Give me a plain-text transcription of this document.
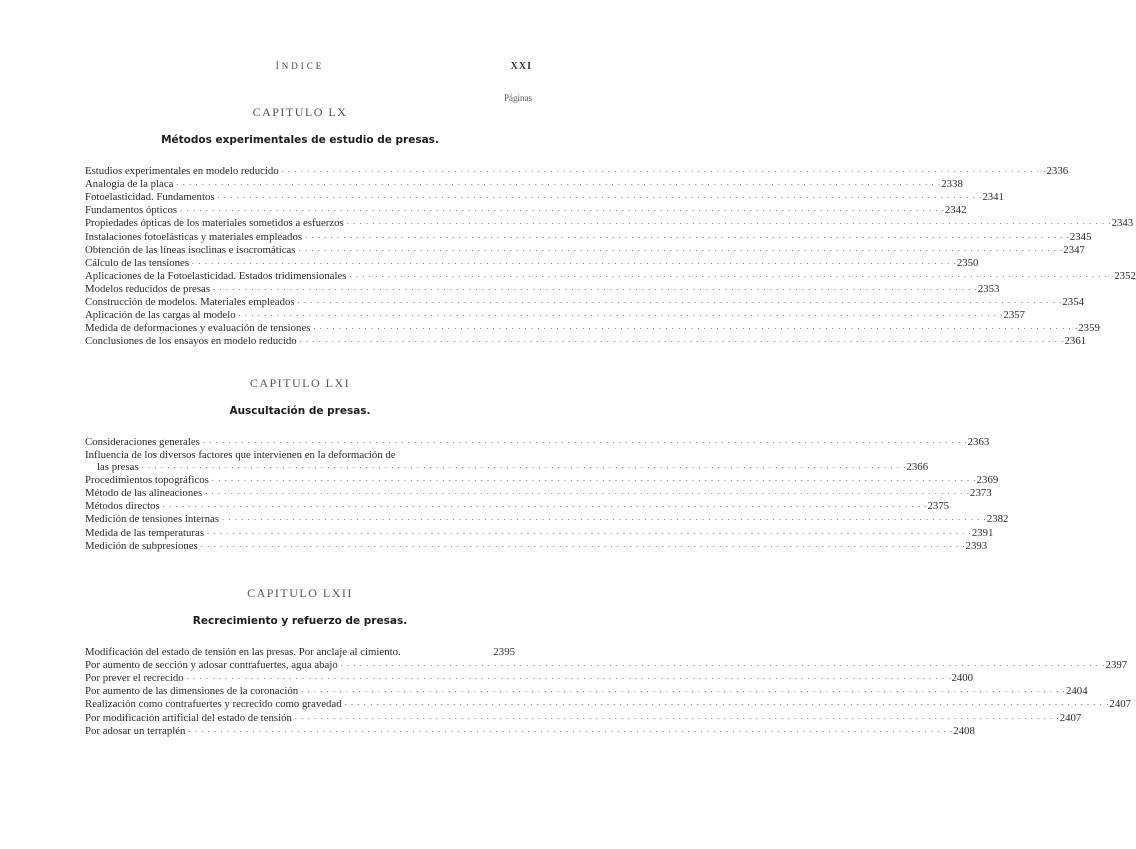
ÍNDICE	XXI
Páginas
CAPITULO LX
Métodos experimentales de estudio de presas.
Estudios experimentales en modelo reducido . . . . . . . . . . . . . . . . . . . . . . . . . . . . . . . . . . . . . . . . . . . . . . . . . . . . . . . . . . . . . . . . . . . . . . . . . . . . . . . . . . . . . . . . . . . . . . . . . . . . . . . . . . . . . . . . . . . . . . . . 2336
Analogía de la placa . . . . . . . . . . . . . . . . . . . . . . . . . . . . . . . . . . . . . . . . . . . . . . . . . . . . . . . . . . . . . . . . . . . . . . . . . . . . . . . . . . . . . . . . . . . . . . . . . . . . . . . . . . . . . . . . . . . . . . . . 2338
Fotoelasticidad. Fundamentos . . . . . . . . . . . . . . . . . . . . . . . . . . . . . . . . . . . . . . . . . . . . . . . . . . . . . . . . . . . . . . . . . . . . . . . . . . . . . . . . . . . . . . . . . . . . . . . . . . . . . . . . . . . . . . . . . . . . . . . . 2341
Fundamentos ópticos . . . . . . . . . . . . . . . . . . . . . . . . . . . . . . . . . . . . . . . . . . . . . . . . . . . . . . . . . . . . . . . . . . . . . . . . . . . . . . . . . . . . . . . . . . . . . . . . . . . . . . . . . . . . . . . . . . . . . . . . 2342
Propiedades ópticas de los materiales sometidos a esfuerzos . . . . . . . . . . . . . . . . . . . . . . . . . . . . . . . . . . . . . . . . . . . . . . . . . . . . . . . . . . . . . . . . . . . . . . . . . . . . . . . . . . . . . . . . . . . . . . . . . . . . . . . . . . . . . . . . . . . . . . . . 2343
Instalaciones fotoelásticas y materiales empleados . . . . . . . . . . . . . . . . . . . . . . . . . . . . . . . . . . . . . . . . . . . . . . . . . . . . . . . . . . . . . . . . . . . . . . . . . . . . . . . . . . . . . . . . . . . . . . . . . . . . . . . . . . . . . . . . . . . . . . . . 2345
Obtención de las líneas isoclinas e isocromáticas . . . . . . . . . . . . . . . . . . . . . . . . . . . . . . . . . . . . . . . . . . . . . . . . . . . . . . . . . . . . . . . . . . . . . . . . . . . . . . . . . . . . . . . . . . . . . . . . . . . . . . . . . . . . . . . . . . . . . . . . 2347
Cálculo de las tensiones . . . . . . . . . . . . . . . . . . . . . . . . . . . . . . . . . . . . . . . . . . . . . . . . . . . . . . . . . . . . . . . . . . . . . . . . . . . . . . . . . . . . . . . . . . . . . . . . . . . . . . . . . . . . . . . . . . . . . . . . 2350
Aplicaciones de la Fotoelasticidad. Estados tridimensionales . . . . . . . . . . . . . . . . . . . . . . . . . . . . . . . . . . . . . . . . . . . . . . . . . . . . . . . . . . . . . . . . . . . . . . . . . . . . . . . . . . . . . . . . . . . . . . . . . . . . . . . . . . . . . . . . . . . . . . . . 2352
Modelos reducidos de presas . . . . . . . . . . . . . . . . . . . . . . . . . . . . . . . . . . . . . . . . . . . . . . . . . . . . . . . . . . . . . . . . . . . . . . . . . . . . . . . . . . . . . . . . . . . . . . . . . . . . . . . . . . . . . . . . . . . . . . . . 2353
Construcción de modelos. Materiales empleados . . . . . . . . . . . . . . . . . . . . . . . . . . . . . . . . . . . . . . . . . . . . . . . . . . . . . . . . . . . . . . . . . . . . . . . . . . . . . . . . . . . . . . . . . . . . . . . . . . . . . . . . . . . . . . . . . . . . . . . . 2354
Aplicación de las cargas al modelo . . . . . . . . . . . . . . . . . . . . . . . . . . . . . . . . . . . . . . . . . . . . . . . . . . . . . . . . . . . . . . . . . . . . . . . . . . . . . . . . . . . . . . . . . . . . . . . . . . . . . . . . . . . . . . . . . . . . . . . . 2357
Medida de deformaciones y evaluación de tensiones . . . . . . . . . . . . . . . . . . . . . . . . . . . . . . . . . . . . . . . . . . . . . . . . . . . . . . . . . . . . . . . . . . . . . . . . . . . . . . . . . . . . . . . . . . . . . . . . . . . . . . . . . . . . . . . . . . . . . . . . 2359
Conclusiones de los ensayos en modelo reducido . . . . . . . . . . . . . . . . . . . . . . . . . . . . . . . . . . . . . . . . . . . . . . . . . . . . . . . . . . . . . . . . . . . . . . . . . . . . . . . . . . . . . . . . . . . . . . . . . . . . . . . . . . . . . . . . . . . . . . . . 2361
CAPITULO LXI
Auscultación de presas.
Consideraciones generales . . . . . . . . . . . . . . . . . . . . . . . . . . . . . . . . . . . . . . . . . . . . . . . . . . . . . . . . . . . . . . . . . . . . . . . . . . . . . . . . . . . . . . . . . . . . . . . . . . . . . . . . . . . . . . . . . . . . . . . . 2363
Influencia de los diversos factores que intervienen en la deformación de
las presas . . . . . . . . . . . . . . . . . . . . . . . . . . . . . . . . . . . . . . . . . . . . . . . . . . . . . . . . . . . . . . . . . . . . . . . . . . . . . . . . . . . . . . . . . . . . . . . . . . . . . . . . . . . . . . . . . . . . . . . . 2366
Procedimientos topográficos . . . . . . . . . . . . . . . . . . . . . . . . . . . . . . . . . . . . . . . . . . . . . . . . . . . . . . . . . . . . . . . . . . . . . . . . . . . . . . . . . . . . . . . . . . . . . . . . . . . . . . . . . . . . . . . . . . . . . . . . 2369
Método de las alineaciones . . . . . . . . . . . . . . . . . . . . . . . . . . . . . . . . . . . . . . . . . . . . . . . . . . . . . . . . . . . . . . . . . . . . . . . . . . . . . . . . . . . . . . . . . . . . . . . . . . . . . . . . . . . . . . . . . . . . . . . . 2373
Métodos directos . . . . . . . . . . . . . . . . . . . . . . . . . . . . . . . . . . . . . . . . . . . . . . . . . . . . . . . . . . . . . . . . . . . . . . . . . . . . . . . . . . . . . . . . . . . . . . . . . . . . . . . . . . . . . . . . . . . . . . . . 2375
Medición de tensiones internas . . . . . . . . . . . . . . . . . . . . . . . . . . . . . . . . . . . . . . . . . . . . . . . . . . . . . . . . . . . . . . . . . . . . . . . . . . . . . . . . . . . . . . . . . . . . . . . . . . . . . . . . . . . . . . . . . . . . . . . . 2382
Medida de las temperaturas . . . . . . . . . . . . . . . . . . . . . . . . . . . . . . . . . . . . . . . . . . . . . . . . . . . . . . . . . . . . . . . . . . . . . . . . . . . . . . . . . . . . . . . . . . . . . . . . . . . . . . . . . . . . . . . . . . . . . . . . 2391
Medición de subpresiones . . . . . . . . . . . . . . . . . . . . . . . . . . . . . . . . . . . . . . . . . . . . . . . . . . . . . . . . . . . . . . . . . . . . . . . . . . . . . . . . . . . . . . . . . . . . . . . . . . . . . . . . . . . . . . . . . . . . . . . . 2393
CAPITULO LXII
Recrecimiento y refuerzo de presas.
Modificación del estado de tensión en las presas. Por anclaje al cimiento.	2395
Por aumento de sección y adosar contrafuertes, agua abajo . . . . . . . . . . . . . . . . . . . . . . . . . . . . . . . . . . . . . . . . . . . . . . . . . . . . . . . . . . . . . . . . . . . . . . . . . . . . . . . . . . . . . . . . . . . . . . . . . . . . . . . . . . . . . . . . . . . . . . . . 2397
Por prever el recrecido . . . . . . . . . . . . . . . . . . . . . . . . . . . . . . . . . . . . . . . . . . . . . . . . . . . . . . . . . . . . . . . . . . . . . . . . . . . . . . . . . . . . . . . . . . . . . . . . . . . . . . . . . . . . . . . . . . . . . . . . 2400
Por aumento de las dimensiones de la coronación . . . . . . . . . . . . . . . . . . . . . . . . . . . . . . . . . . . . . . . . . . . . . . . . . . . . . . . . . . . . . . . . . . . . . . . . . . . . . . . . . . . . . . . . . . . . . . . . . . . . . . . . . . . . . . . . . . . . . . . . 2404
Realización como contrafuertes y recrecido como gravedad . . . . . . . . . . . . . . . . . . . . . . . . . . . . . . . . . . . . . . . . . . . . . . . . . . . . . . . . . . . . . . . . . . . . . . . . . . . . . . . . . . . . . . . . . . . . . . . . . . . . . . . . . . . . . . . . . . . . . . . . 2407
Por modificación artificial del estado de tensión . . . . . . . . . . . . . . . . . . . . . . . . . . . . . . . . . . . . . . . . . . . . . . . . . . . . . . . . . . . . . . . . . . . . . . . . . . . . . . . . . . . . . . . . . . . . . . . . . . . . . . . . . . . . . . . . . . . . . . . . 2407
Por adosar un terraplén . . . . . . . . . . . . . . . . . . . . . . . . . . . . . . . . . . . . . . . . . . . . . . . . . . . . . . . . . . . . . . . . . . . . . . . . . . . . . . . . . . . . . . . . . . . . . . . . . . . . . . . . . . . . . . . . . . . . . . . . 2408
